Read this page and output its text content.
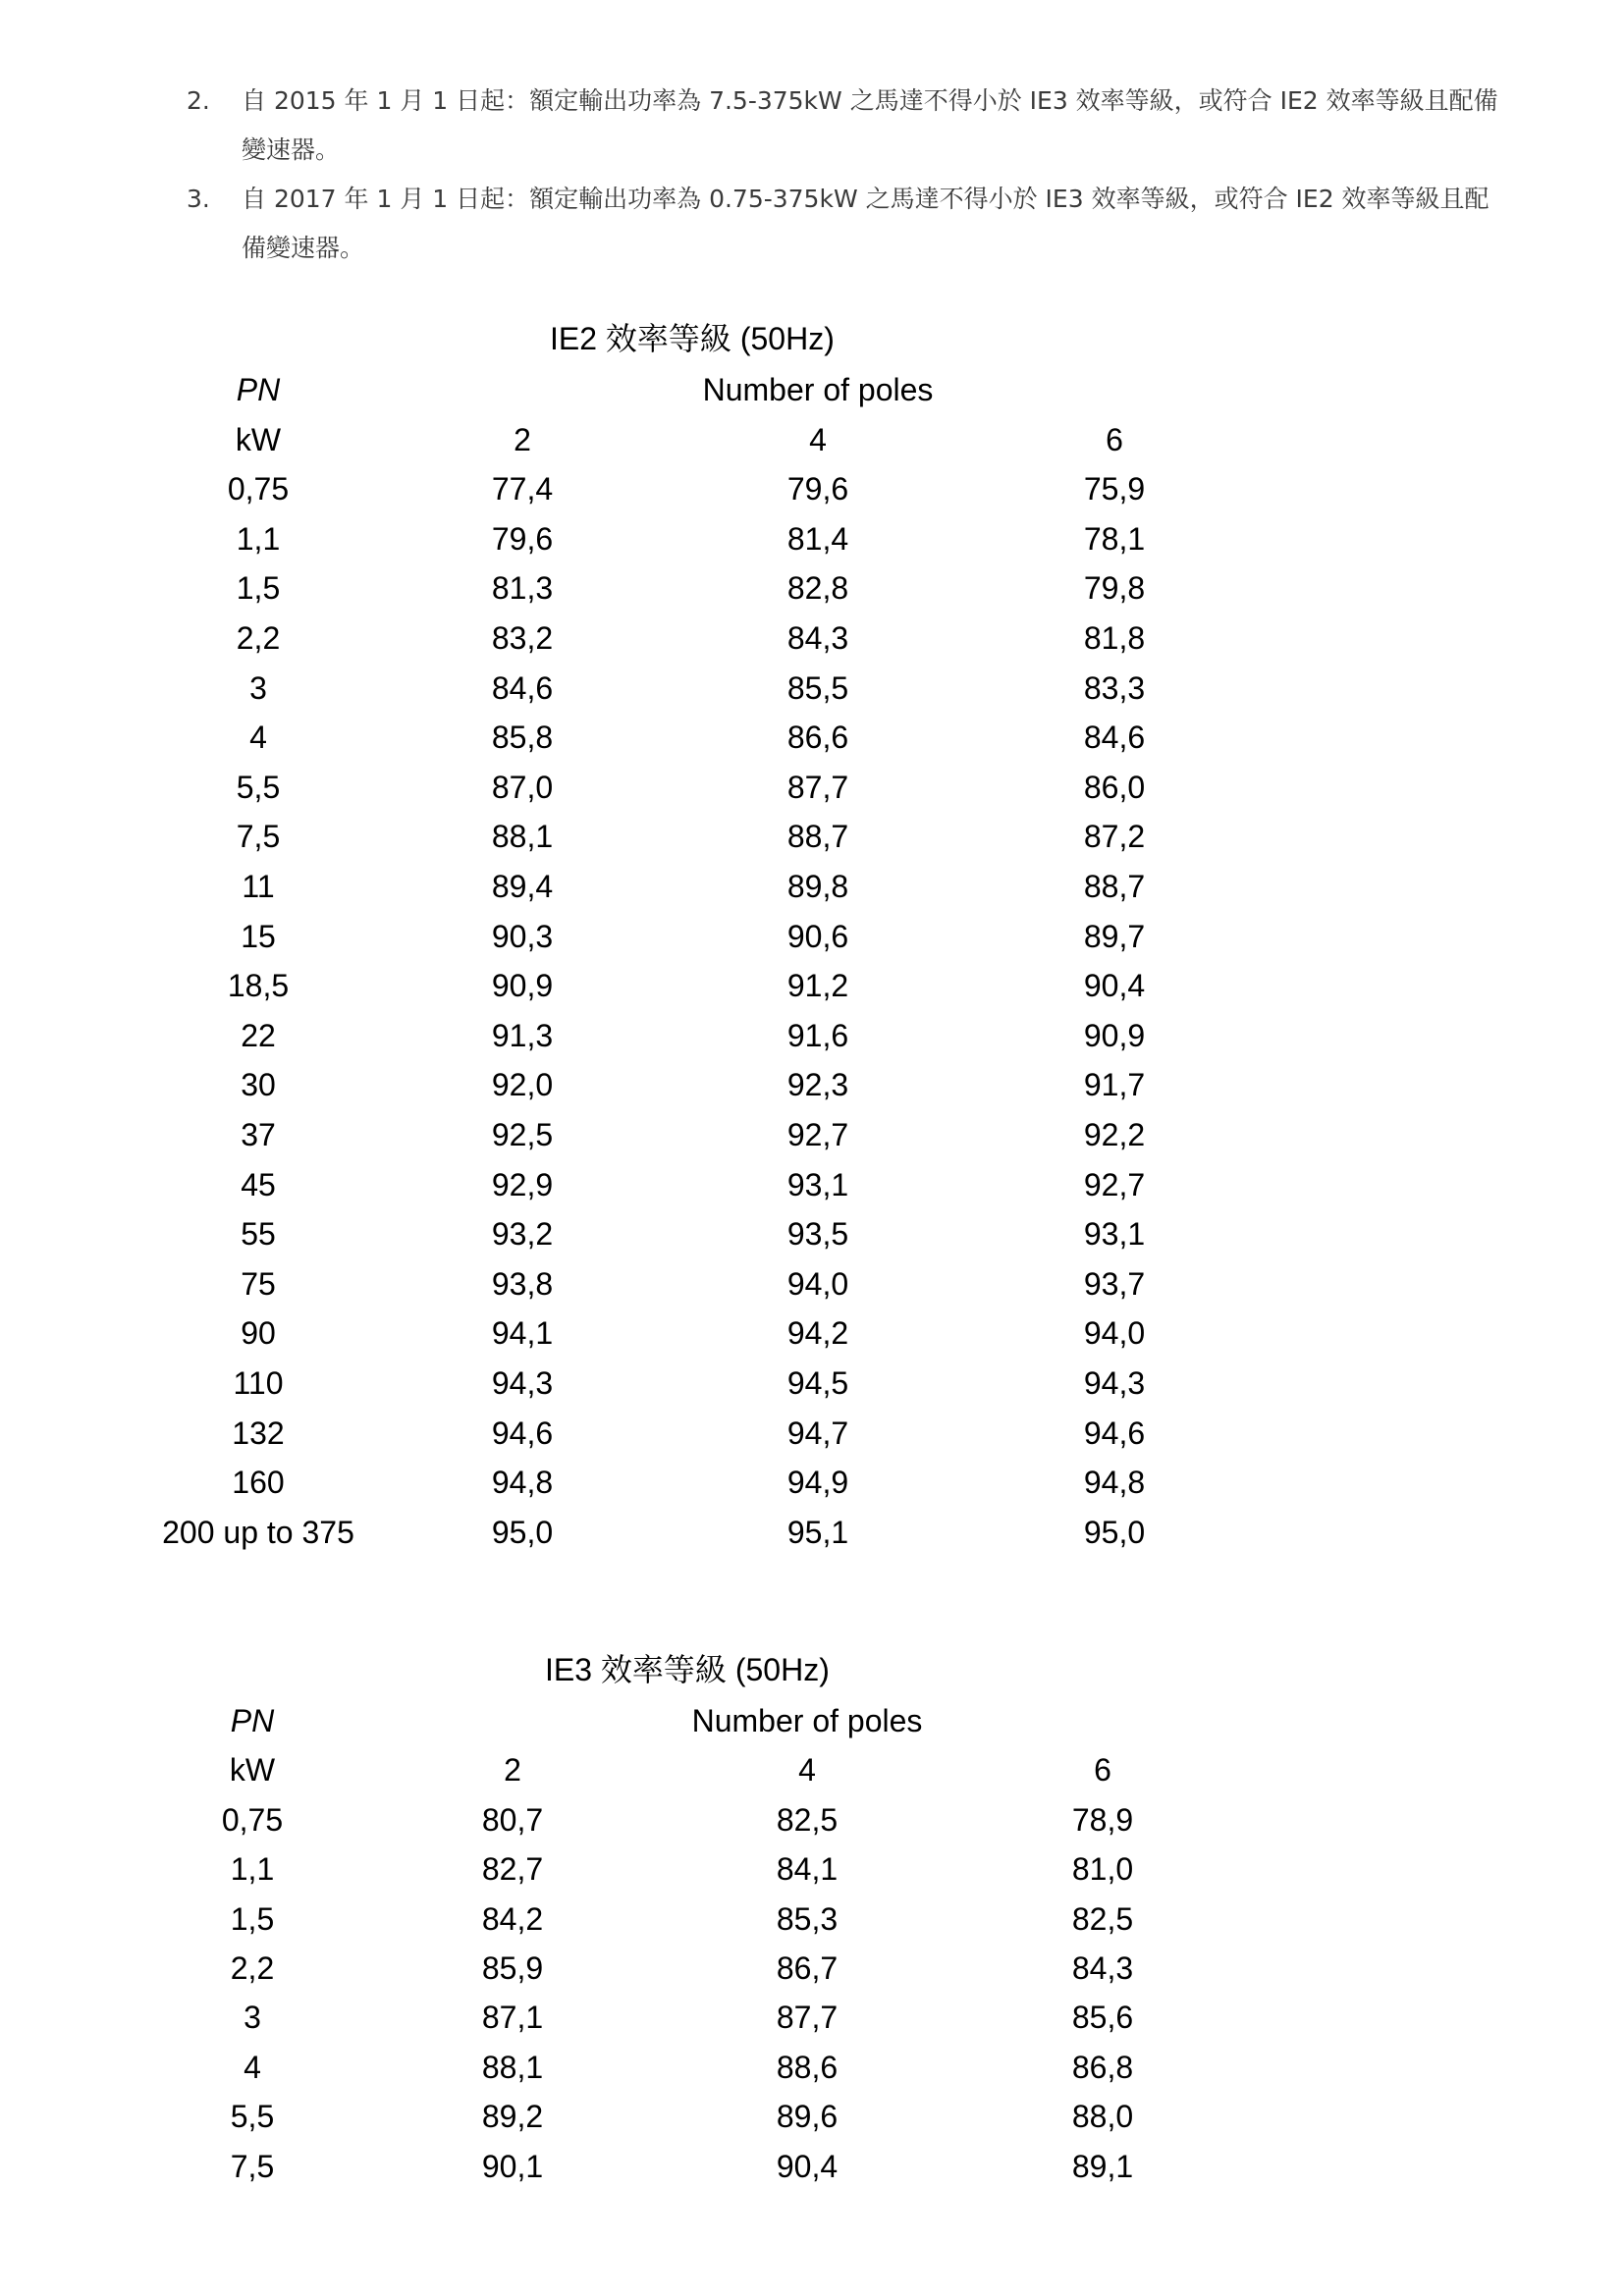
2.	自 2015 年 1 月 1 日起：額定輸出功率為 7.5-375kW 之馬達不得小於 IE3 效率等級，或符合 IE2 效率等級且配備變速器。
3.	自 2017 年 1 月 1 日起：額定輸出功率為 0.75-375kW 之馬達不得小於 IE3 效率等級，或符合 IE2 效率等級且配備變速器。
IE2 效率等級 (50Hz)
PN	Number of poles
kW	2	4	6
0,75	77,4	79,6	75,9
1,1	79,6	81,4	78,1
1,5	81,3	82,8	79,8
2,2	83,2	84,3	81,8
3	84,6	85,5	83,3
4	85,8	86,6	84,6
5,5	87,0	87,7	86,0
7,5	88,1	88,7	87,2
11	89,4	89,8	88,7
15	90,3	90,6	89,7
18,5	90,9	91,2	90,4
22	91,3	91,6	90,9
30	92,0	92,3	91,7
37	92,5	92,7	92,2
45	92,9	93,1	92,7
55	93,2	93,5	93,1
75	93,8	94,0	93,7
90	94,1	94,2	94,0
110	94,3	94,5	94,3
132	94,6	94,7	94,6
160	94,8	94,9	94,8
200 up to 375	95,0	95,1	95,0
IE3 效率等級 (50Hz)
PN	Number of poles
kW	2	4	6
0,75	80,7	82,5	78,9
1,1	82,7	84,1	81,0
1,5	84,2	85,3	82,5
2,2	85,9	86,7	84,3
3	87,1	87,7	85,6
4	88,1	88,6	86,8
5,5	89,2	89,6	88,0
7,5	90,1	90,4	89,1
